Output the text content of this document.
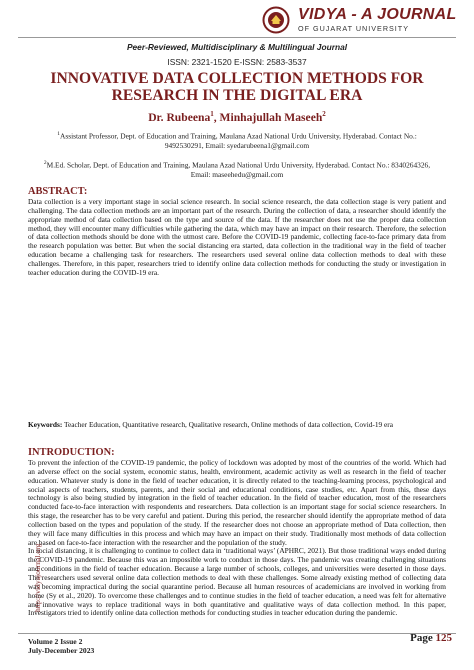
VIDYA - A JOURNAL
OF GUJARAT UNIVERSITY
Peer-Reviewed, Multidisciplinary & Multilingual Journal
ISSN: 2321-1520 E-ISSN: 2583-3537
INNOVATIVE DATA COLLECTION METHODS FOR RESEARCH IN THE DIGITAL ERA
Dr. Rubeena$^1$, Minhajullah Maseeh$^2$
$^1$Assistant Professor, Dept. of Education and Training, Maulana Azad National Urdu University, Hyderabad. Contact No.: 9492530291, Email: syedarubeena1@gmail.com
$^2$M.Ed. Scholar, Dept. of Education and Training, Maulana Azad National Urdu University, Hyderabad. Contact No.: 8340264326, Email: maseehedu@gmail.com
ABSTRACT:
Data collection is a very important stage in social science research. In social science research, the data collection stage is very patient and challenging. The data collection methods are an important part of the research. During the collection of data, a researcher should identify the appropriate method of data collection based on the type and source of the data. If the researcher does not use the proper data collection method, they will encounter many difficulties while gathering the data, which may have an impact on their research. Therefore, the selection of data collection methods should be done with the utmost care. Before the COVID-19 pandemic, collecting face-to-face primary data from the research population was better. But when the social distancing era started, data collection in the traditional way in the field of teacher education became a challenging task for researchers. The researchers used several online data collection methods to deal with these challenges. Therefore, in this paper, researchers tried to identify online data collection methods for conducting the study or investigation in teacher education during the COVID-19 era.
Keywords: Teacher Education, Quantitative research, Qualitative research, Online methods of data collection, Covid-19 era
INTRODUCTION:
To prevent the infection of the COVID-19 pandemic, the policy of lockdown was adopted by most of the countries of the world. Which had an adverse effect on the social system, economic status, health, environment, academic activity as well as research in the field of teacher education. Whatever study is done in the field of teacher education, it is directly related to the teaching-learning process, psychological and social aspects of teachers, students, parents, and their social and educational conditions, case studies, etc. Apart from this, these days technology is also being studied by integration in the field of teacher education. In the field of teacher education, most of the researchers conducted face-to-face interaction with respondents and researchers. Data collection is an important stage for social science researchers. In this stage, the researcher has to be very careful and patient. During this period, the researcher should identify the appropriate method of data collection based on the types and population of the study. If the researcher does not choose an appropriate method of Data collection, then they will face many difficulties in this process and which may have an impact on their study. Traditionally most methods of data collection are based on face-to-face interaction with the researcher and the population of the study.
In social distancing, it is challenging to continue to collect data in ‘traditional ways’ (APHRC, 2021). But those traditional ways ended during the COVID-19 pandemic. Because this was an impossible work to conduct in those days. The pandemic was creating challenging situations and conditions in the field of teacher education. Because a large number of schools, colleges, and universities were deserted in those days. The researchers used several online data collection methods to deal with these challenges. Some already existing method of collecting data was becoming impractical during the social quarantine period. Because all human resources of academicians are involved in working from home (Sy et al., 2020). To overcome these challenges and to continue studies in the field of teacher education, a need was felt for alternative and innovative ways to replace traditional ways in both quantitative and qualitative ways of data collection method. In this paper, Investigators tried to identify online data collection methods for conducting studies in teacher education during the pandemic.
http://vidyajournal.org
Volume 2 Issue 2
July-December 2023
Page 125
